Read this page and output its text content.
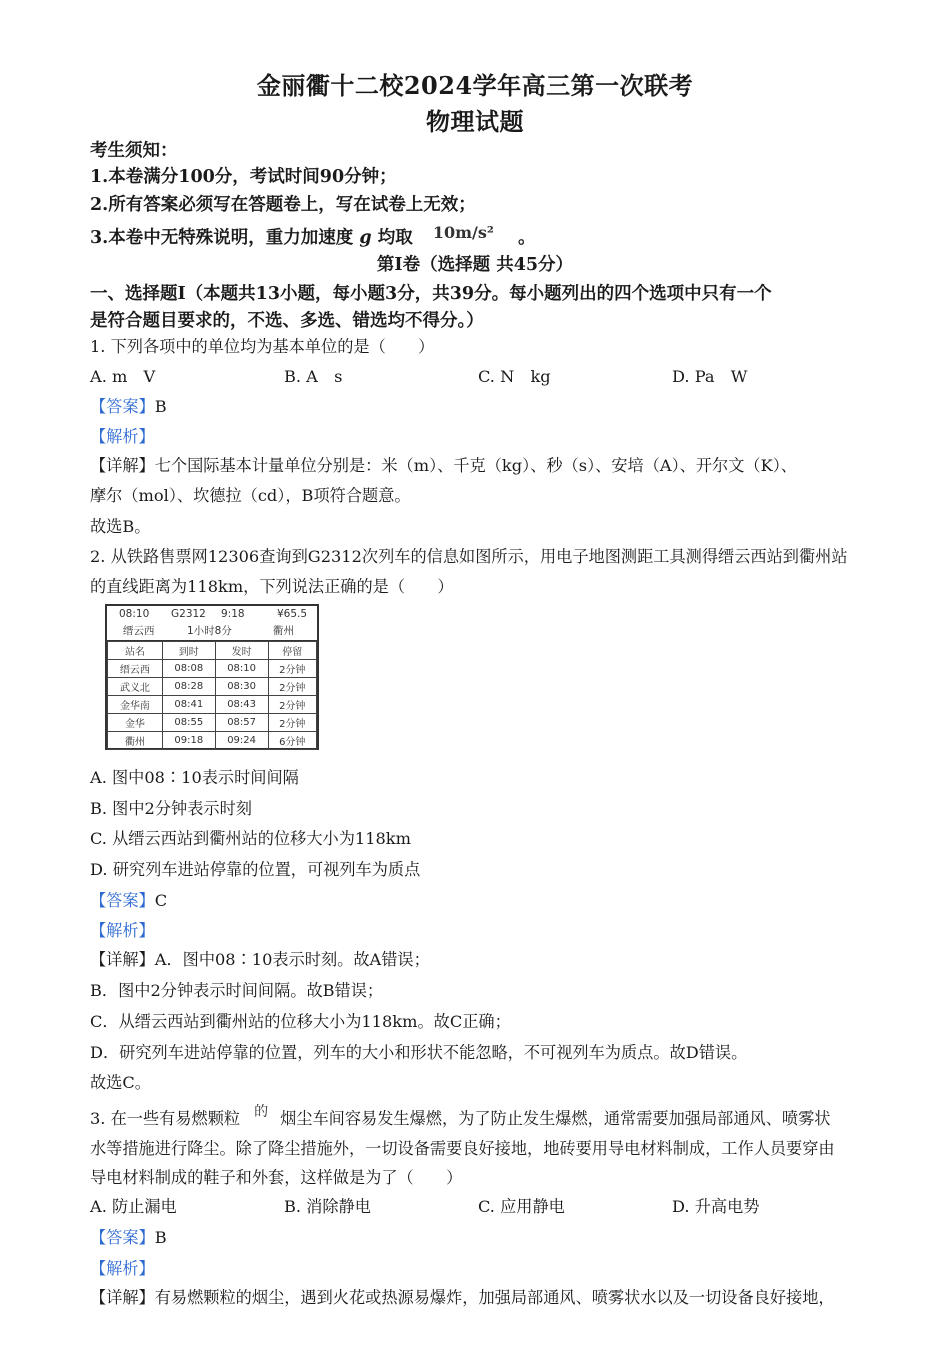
金丽衢十二校2024学年高三第一次联考
物理试题
考生须知：
1.本卷满分100分，考试时间90分钟；
2.所有答案必须写在答题卷上，写在试卷上无效；
3.本卷中无特殊说明，重力加速度 g 均取 10m/s² 。
第Ⅰ卷（选择题 共45分）
一、选择题Ⅰ（本题共13小题，每小题3分，共39分。每小题列出的四个选项中只有一个
是符合题目要求的，不选、多选、错选均不得分。）
1. 下列各项中的单位均为基本单位的是（　　）
A. m　V	B. A　s	C. N　kg	D. Pa　W
【答案】B
【解析】
【详解】七个国际基本计量单位分别是：米（m）、千克（kg）、秒（s）、安培（A）、开尔文（K）、
摩尔（mol）、坎德拉（cd），B项符合题意。
故选B。
2. 从铁路售票网12306查询到G2312次列车的信息如图所示，用电子地图测距工具测得缙云西站到衢州站
的直线距离为118km，下列说法正确的是（　　）
08:10 G2312 9:18	¥65.5
缙云西	1小时8分	衢州
站名	到时	发时	停留
缙云西	08:08	08:10	2分钟
武义北	08:28	08:30	2分钟
金华南	08:41	08:43	2分钟
金华	08:55	08:57	2分钟
衢州	09:18	09:24	6分钟
A. 图中08∶10表示时间间隔
B. 图中2分钟表示时刻
C. 从缙云西站到衢州站的位移大小为118km
D. 研究列车进站停靠的位置，可视列车为质点
【答案】C
【解析】
【详解】A．图中08∶10表示时刻。故A错误；
B．图中2分钟表示时间间隔。故B错误；
C．从缙云西站到衢州站的位移大小为118km。故C正确；
D．研究列车进站停靠的位置，列车的大小和形状不能忽略，不可视列车为质点。故D错误。
故选C。
3. 在一些有易燃颗粒 的 烟尘车间容易发生爆燃，为了防止发生爆燃，通常需要加强局部通风、喷雾状
水等措施进行降尘。除了降尘措施外，一切设备需要良好接地，地砖要用导电材料制成，工作人员要穿由
导电材料制成的鞋子和外套，这样做是为了（　　）
A. 防止漏电	B. 消除静电	C. 应用静电	D. 升高电势
【答案】B
【解析】
【详解】有易燃颗粒的烟尘，遇到火花或热源易爆炸，加强局部通风、喷雾状水以及一切设备良好接地，
